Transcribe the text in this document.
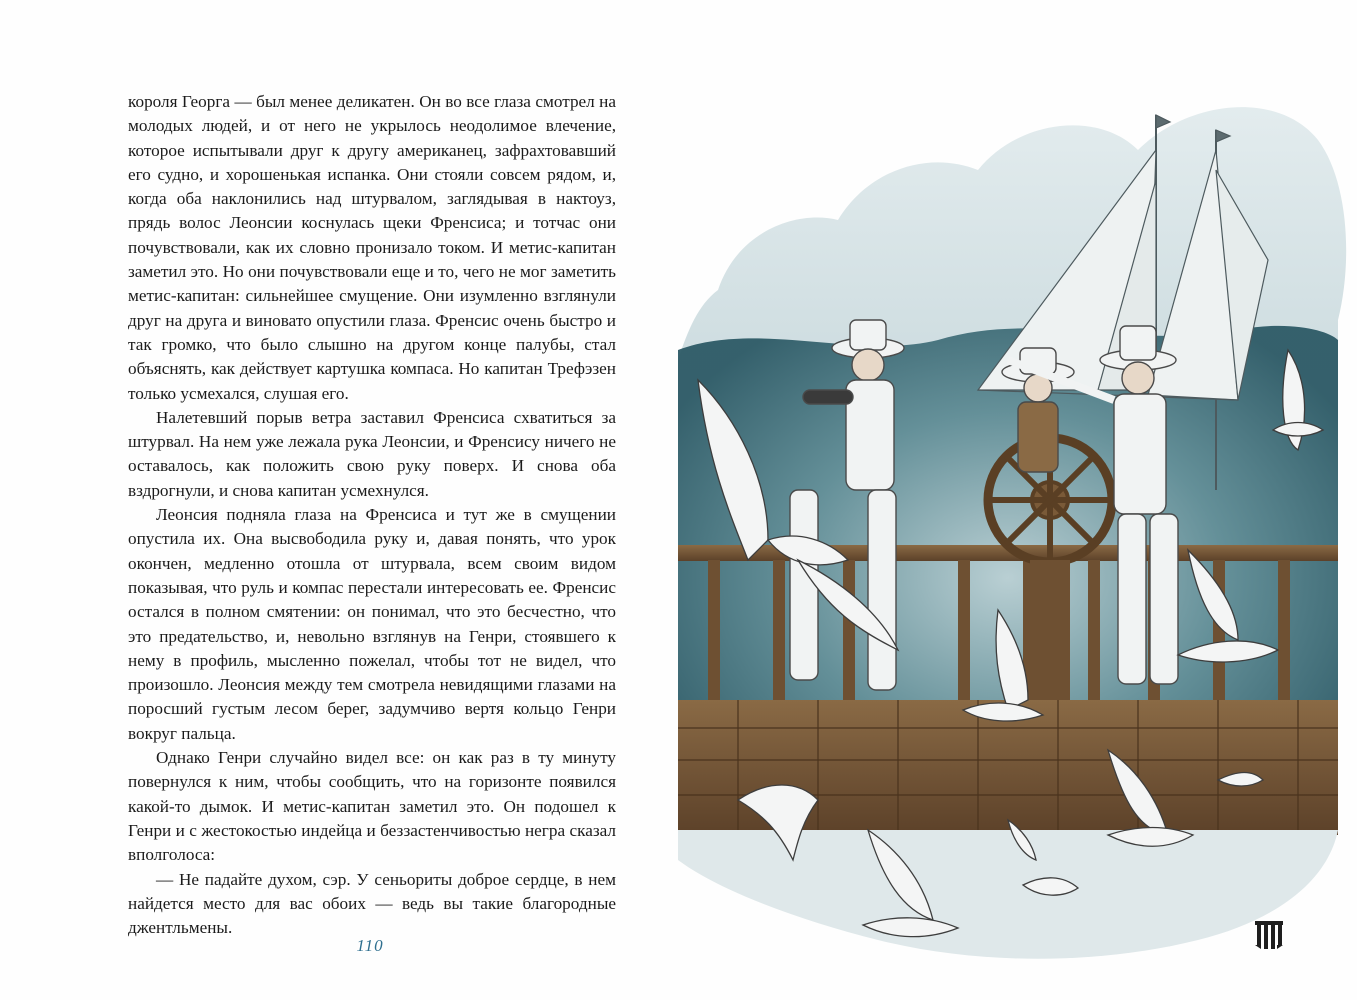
короля Георга — был менее деликатен. Он во все глаза смотрел на молодых людей, и от него не укрылось неодолимое влечение, которое испытывали друг к другу американец, зафрахтовавший его судно, и хорошенькая испанка. Они стояли совсем рядом, и, когда оба наклонились над штурвалом, заглядывая в нактоуз, прядь волос Леонсии коснулась щеки Френсиса; и тотчас они почувствовали, как их словно пронизало током. И метис-капитан заметил это. Но они почувствовали еще и то, чего не мог заметить метис-капитан: сильнейшее смущение. Они изумленно взглянули друг на друга и виновато опустили глаза. Френсис очень быстро и так громко, что было слышно на другом конце палубы, стал объяснять, как действует картушка компаса. Но капитан Трефэзен только усмехался, слушая его.

Налетевший порыв ветра заставил Френсиса схватиться за штурвал. На нем уже лежала рука Леонсии, и Френсису ничего не оставалось, как положить свою руку поверх. И снова оба вздрогнули, и снова капитан усмехнулся.

Леонсия подняла глаза на Френсиса и тут же в смущении опустила их. Она высвободила руку и, давая понять, что урок окончен, медленно отошла от штурвала, всем своим видом показывая, что руль и компас перестали интересовать ее. Френсис остался в полном смятении: он понимал, что это бесчестно, что это предательство, и, невольно взглянув на Генри, стоявшего к нему в профиль, мысленно пожелал, чтобы тот не видел, что произошло. Леонсия между тем смотрела невидящими глазами на поросший густым лесом берег, задумчиво вертя кольцо Генри вокруг пальца.

Однако Генри случайно видел все: он как раз в ту минуту повернулся к ним, чтобы сообщить, что на горизонте появился какой-то дымок. И метис-капитан заметил это. Он подошел к Генри и с жестокостью индейца и беззастенчивостью негра сказал вполголоса:

— Не падайте духом, сэр. У сеньориты доброе сердце, в нем найдется место для вас обоих — ведь вы такие благородные джентльмены.

110
